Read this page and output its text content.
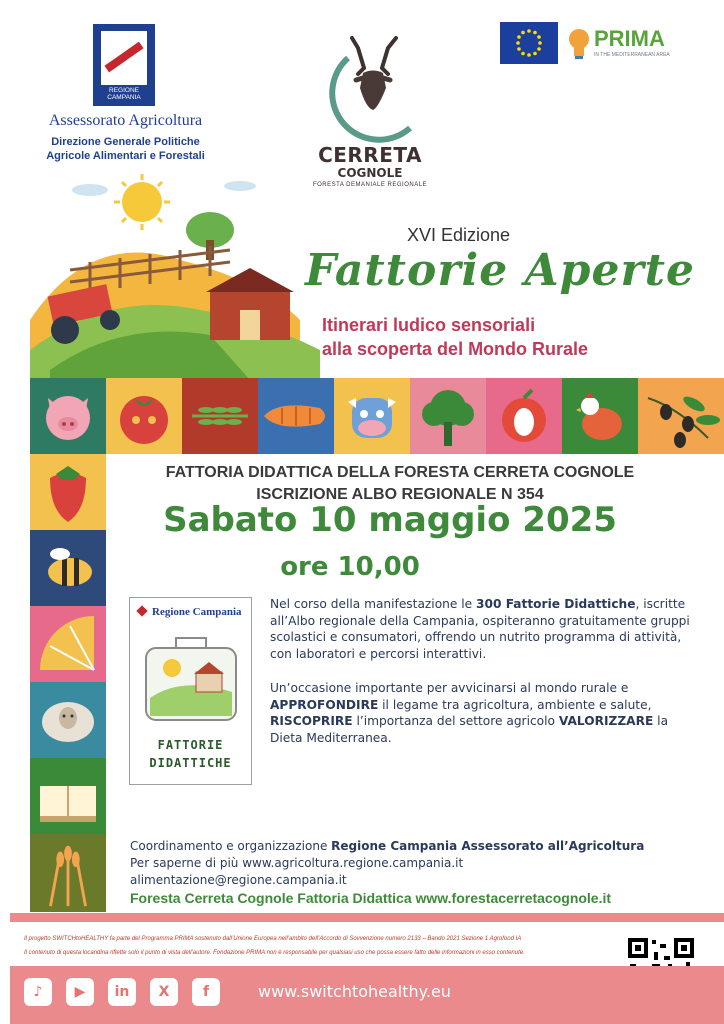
REGIONE CAMPANIA
Assessorato Agricoltura
Direzione Generale Politiche
Agricole Alimentari e Forestali	CERRETA
COGNOLE
FORESTA DEMANIALE REGIONALE
PRIMA
IN THE MEDITERRANEAN AREA
XVI Edizione
Fattorie Aperte
Itinerari ludico sensoriali
alla scoperta del Mondo Rurale
FATTORIA DIDATTICA DELLA FORESTA CERRETA COGNOLE
ISCRIZIONE ALBO REGIONALE N 354
Sabato 10 maggio 2025
ore 10,00
Regione Campania
FATTORIE
DIDATTICHE
Nel corso della manifestazione le 300 Fattorie Didattiche, iscritte all’Albo regionale della Campania, ospiteranno gratuitamente gruppi scolastici e consumatori, offrendo un nutrito programma di attività, con laboratori e percorsi interattivi.
Un’occasione importante per avvicinarsi al mondo rurale e APPROFONDIRE il legame tra agricoltura, ambiente e salute, RISCOPRIRE l’importanza del settore agricolo VALORIZZARE la Dieta Mediterranea.
Coordinamento e organizzazione Regione Campania Assessorato all’Agricoltura
Per saperne di più www.agricoltura.regione.campania.it
alimentazione@regione.campania.it
Foresta Cerreta Cognole Fattoria Didattica www.forestacerretacognole.it
Il progetto SWITCHtoHEALTHY fa parte del Programma PRIMA sostenuto dall’Unione Europea nell’ambito dell’Accordo di Sovvenzione numero 2133 – Bando 2021 Sezione 1 Agrofood IA
Il contenuto di questa locandina riflette solo il punto di vista dell’autore. Fondazione PRIMA non è responsabile per qualsiasi uso che possa essere fatto delle informazioni in esso contenute.
♪	▶	in	X	f	www.switchtohealthy.eu
